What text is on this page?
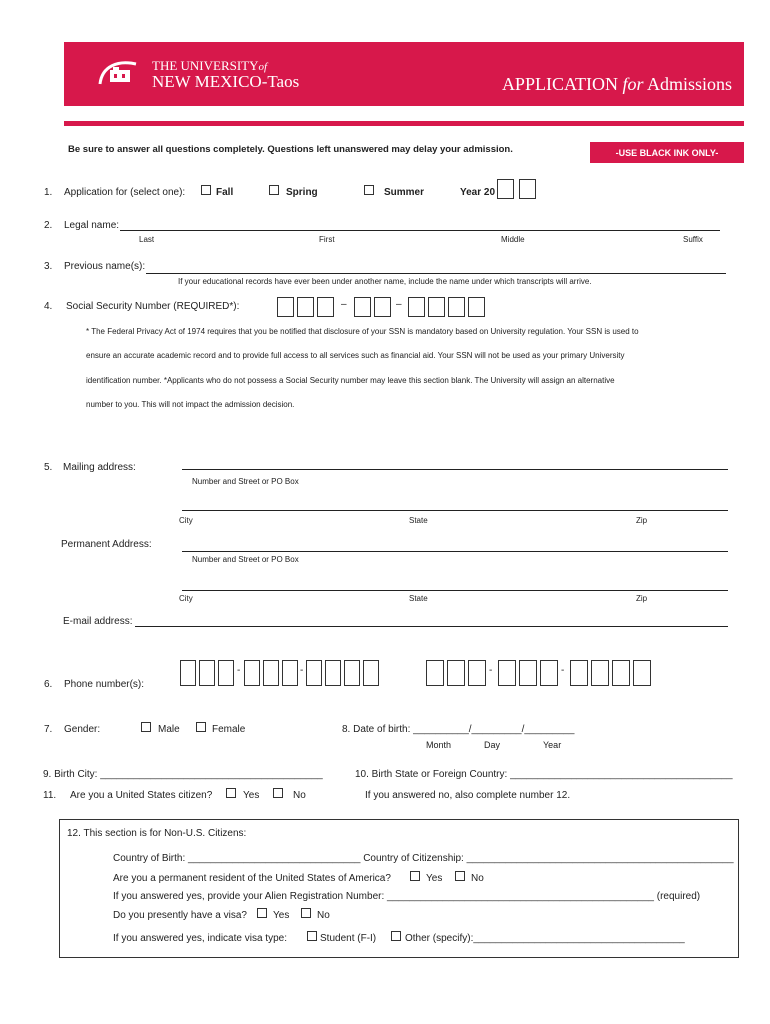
THE UNIVERSITYof
NEW MEXICO-Taos	APPLICATION for Admissions
Be sure to answer all questions completely. Questions left unanswered may delay your admission.	-USE BLACK INK ONLY-
1. Application for (select one):	Fall	Spring	Summer	Year 20
2. Legal name:
Last	First	Middle	Suffix
3. Previous name(s):
If your educational records have ever been under another name, include the name under which transcripts will arrive.
4. Social Security Number (REQUIRED*):	–	–
* The Federal Privacy Act of 1974 requires that you be notified that disclosure of your SSN is mandatory based on University regulation. Your SSN is used to
ensure an accurate academic record and to provide full access to all services such as financial aid. Your SSN will not be used as your primary University
identification number. *Applicants who do not possess a Social Security number may leave this section blank. The University will assign an alternative
number to you. This will not impact the admission decision.
5. Mailing address:
Number and Street or PO Box
City	State	Zip
Permanent Address:
Number and Street or PO Box
City	State	Zip
E-mail address:
6. Phone number(s):
-	-	-	-
7. Gender:	Male	Female	8. Date of birth: __________/_________/_________
Month	Day	Year
9. Birth City: ________________________________________	10. Birth State or Foreign Country: ________________________________________
11. Are you a United States citizen?	Yes	No	If you answered no, also complete number 12.
12. This section is for Non-U.S. Citizens:
Country of Birth: _______________________________ Country of Citizenship: ________________________________________________
Are you a permanent resident of the United States of America?	Yes	No
If you answered yes, provide your Alien Registration Number: ________________________________________________ (required)
Do you presently have a visa?	Yes	No
If you answered yes, indicate visa type:	Student (F-I)	Other (specify):______________________________________
